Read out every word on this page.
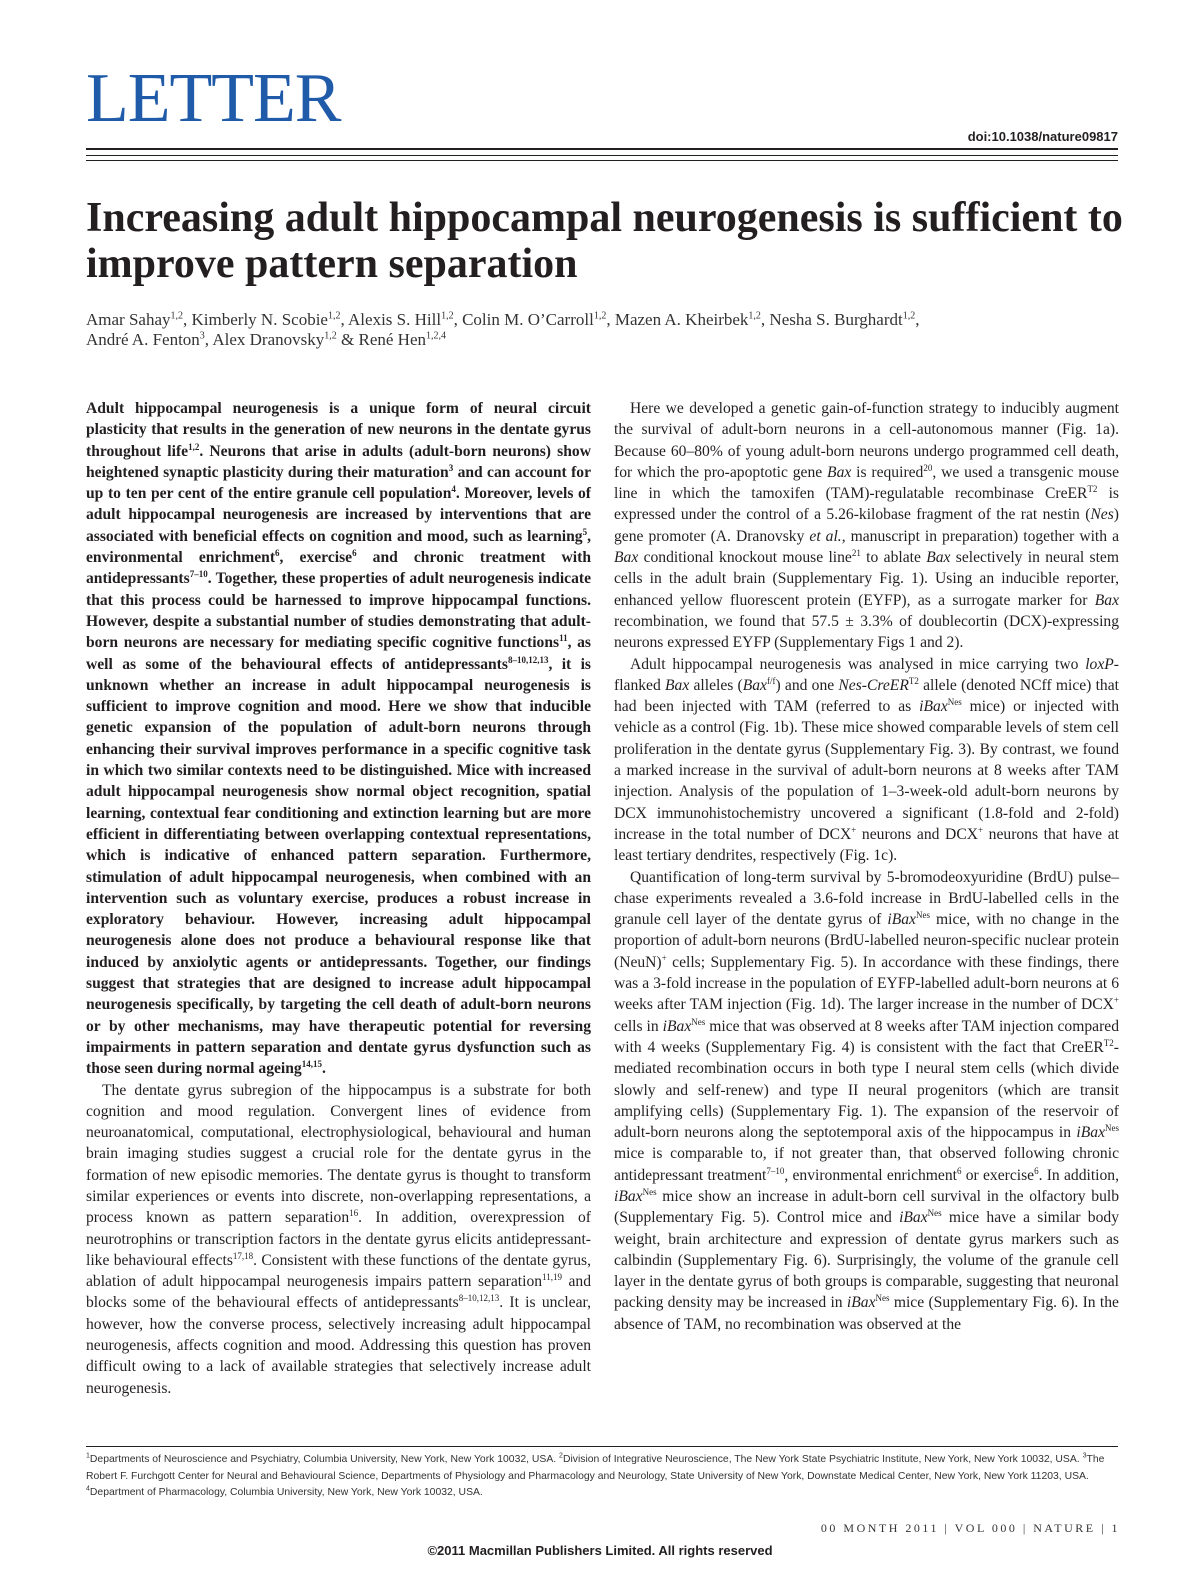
LETTER	doi:10.1038/nature09817
Increasing adult hippocampal neurogenesis is sufficient to improve pattern separation
Amar Sahay$^{1,2}$, Kimberly N. Scobie$^{1,2}$, Alexis S. Hill$^{1,2}$, Colin M. O’Carroll$^{1,2}$, Mazen A. Kheirbek$^{1,2}$, Nesha S. Burghardt$^{1,2}$,
André A. Fenton$^3$, Alex Dranovsky$^{1,2}$ & René Hen$^{1,2,4}$

Adult hippocampal neurogenesis is a unique form of neural circuit plasticity that results in the generation of new neurons in the dentate gyrus throughout life$^{1,2}$. Neurons that arise in adults (adult-born neurons) show heightened synaptic plasticity during their maturation$^3$ and can account for up to ten per cent of the entire granule cell population$^4$. Moreover, levels of adult hippocampal neurogenesis are increased by interventions that are associated with beneficial effects on cognition and mood, such as learning$^5$, environmental enrichment$^6$, exercise$^6$ and chronic treatment with antidepressants$^{7-10}$. Together, these properties of adult neurogenesis indicate that this process could be harnessed to improve hippocampal functions. However, despite a substantial number of studies demonstrating that adult-born neurons are necessary for mediating specific cognitive functions$^{11}$, as well as some of the behavioural effects of antidepressants$^{8-10,12,13}$, it is unknown whether an increase in adult hippocampal neurogenesis is sufficient to improve cognition and mood. Here we show that inducible genetic expansion of the population of adult-born neurons through enhancing their survival improves performance in a specific cognitive task in which two similar contexts need to be distinguished. Mice with increased adult hippocampal neurogenesis show normal object recognition, spatial learning, contextual fear conditioning and extinction learning but are more efficient in differentiating between overlapping contextual representations, which is indicative of enhanced pattern separation. Furthermore, stimulation of adult hippocampal neurogenesis, when combined with an intervention such as voluntary exercise, produces a robust increase in exploratory behaviour. However, increasing adult hippocampal neurogenesis alone does not produce a behavioural response like that induced by anxiolytic agents or antidepressants. Together, our findings suggest that strategies that are designed to increase adult hippocampal neurogenesis specifically, by targeting the cell death of adult-born neurons or by other mechanisms, may have therapeutic potential for reversing impairments in pattern separation and dentate gyrus dysfunction such as those seen during normal ageing$^{14,15}$.

The dentate gyrus subregion of the hippocampus is a substrate for both cognition and mood regulation. Convergent lines of evidence from neuroanatomical, computational, electrophysiological, behavioural and human brain imaging studies suggest a crucial role for the dentate gyrus in the formation of new episodic memories. The dentate gyrus is thought to transform similar experiences or events into discrete, non-overlapping representations, a process known as pattern separation$^{16}$. In addition, overexpression of neurotrophins or transcription factors in the dentate gyrus elicits antidepressant-like behavioural effects$^{17,18}$. Consistent with these functions of the dentate gyrus, ablation of adult hippocampal neurogenesis impairs pattern separation$^{11,19}$ and blocks some of the behavioural effects of antidepressants$^{8-10,12,13}$. It is unclear, however, how the converse process, selectively increasing adult hippocampal neurogenesis, affects cognition and mood. Addressing this question has proven difficult owing to a lack of available strategies that selectively increase adult neurogenesis.

Here we developed a genetic gain-of-function strategy to inducibly augment the survival of adult-born neurons in a cell-autonomous manner (Fig. 1a). Because 60–80% of young adult-born neurons undergo programmed cell death, for which the pro-apoptotic gene Bax is required$^{20}$, we used a transgenic mouse line in which the tamoxifen (TAM)-regulatable recombinase CreER$^{T2}$ is expressed under the control of a 5.26-kilobase fragment of the rat nestin (Nes) gene promoter (A. Dranovsky et al., manuscript in preparation) together with a Bax conditional knockout mouse line$^{21}$ to ablate Bax selectively in neural stem cells in the adult brain (Supplementary Fig. 1). Using an inducible reporter, enhanced yellow fluorescent protein (EYFP), as a surrogate marker for Bax recombination, we found that 57.5 ± 3.3% of doublecortin (DCX)-expressing neurons expressed EYFP (Supplementary Figs 1 and 2).

Adult hippocampal neurogenesis was analysed in mice carrying two loxP-flanked Bax alleles (Bax$^{f/f}$) and one Nes-CreER$^{T2}$ allele (denoted NCff mice) that had been injected with TAM (referred to as iBax$^{Nes}$ mice) or injected with vehicle as a control (Fig. 1b). These mice showed comparable levels of stem cell proliferation in the dentate gyrus (Supplementary Fig. 3). By contrast, we found a marked increase in the survival of adult-born neurons at 8 weeks after TAM injection. Analysis of the population of 1–3-week-old adult-born neurons by DCX immunohistochemistry uncovered a significant (1.8-fold and 2-fold) increase in the total number of DCX+ neurons and DCX+ neurons that have at least tertiary dendrites, respectively (Fig. 1c).

Quantification of long-term survival by 5-bromodeoxyuridine (BrdU) pulse–chase experiments revealed a 3.6-fold increase in BrdU-labelled cells in the granule cell layer of the dentate gyrus of iBax$^{Nes}$ mice, with no change in the proportion of adult-born neurons (BrdU-labelled neuron-specific nuclear protein (NeuN)+ cells; Supplementary Fig. 5). In accordance with these findings, there was a 3-fold increase in the population of EYFP-labelled adult-born neurons at 6 weeks after TAM injection (Fig. 1d). The larger increase in the number of DCX+ cells in iBax$^{Nes}$ mice that was observed at 8 weeks after TAM injection compared with 4 weeks (Supplementary Fig. 4) is consistent with the fact that CreER$^{T2}$-mediated recombination occurs in both type I neural stem cells (which divide slowly and self-renew) and type II neural progenitors (which are transit amplifying cells) (Supplementary Fig. 1). The expansion of the reservoir of adult-born neurons along the septotemporal axis of the hippocampus in iBax$^{Nes}$ mice is comparable to, if not greater than, that observed following chronic antidepressant treatment$^{7-10}$, environmental enrichment$^6$ or exercise$^6$. In addition, iBax$^{Nes}$ mice show an increase in adult-born cell survival in the olfactory bulb (Supplementary Fig. 5). Control mice and iBax$^{Nes}$ mice have a similar body weight, brain architecture and expression of dentate gyrus markers such as calbindin (Supplementary Fig. 6). Surprisingly, the volume of the granule cell layer in the dentate gyrus of both groups is comparable, suggesting that neuronal packing density may be increased in iBax$^{Nes}$ mice (Supplementary Fig. 6). In the absence of TAM, no recombination was observed at the

$^1$Departments of Neuroscience and Psychiatry, Columbia University, New York, New York 10032, USA. $^2$Division of Integrative Neuroscience, The New York State Psychiatric Institute, New York, New York 10032, USA. $^3$The Robert F. Furchgott Center for Neural and Behavioural Science, Departments of Physiology and Pharmacology and Neurology, State University of New York, Downstate Medical Center, New York, New York 11203, USA. $^4$Department of Pharmacology, Columbia University, New York, New York 10032, USA.
00 MONTH 2011 | VOL 000 | NATURE | 1
©2011 Macmillan Publishers Limited. All rights reserved
